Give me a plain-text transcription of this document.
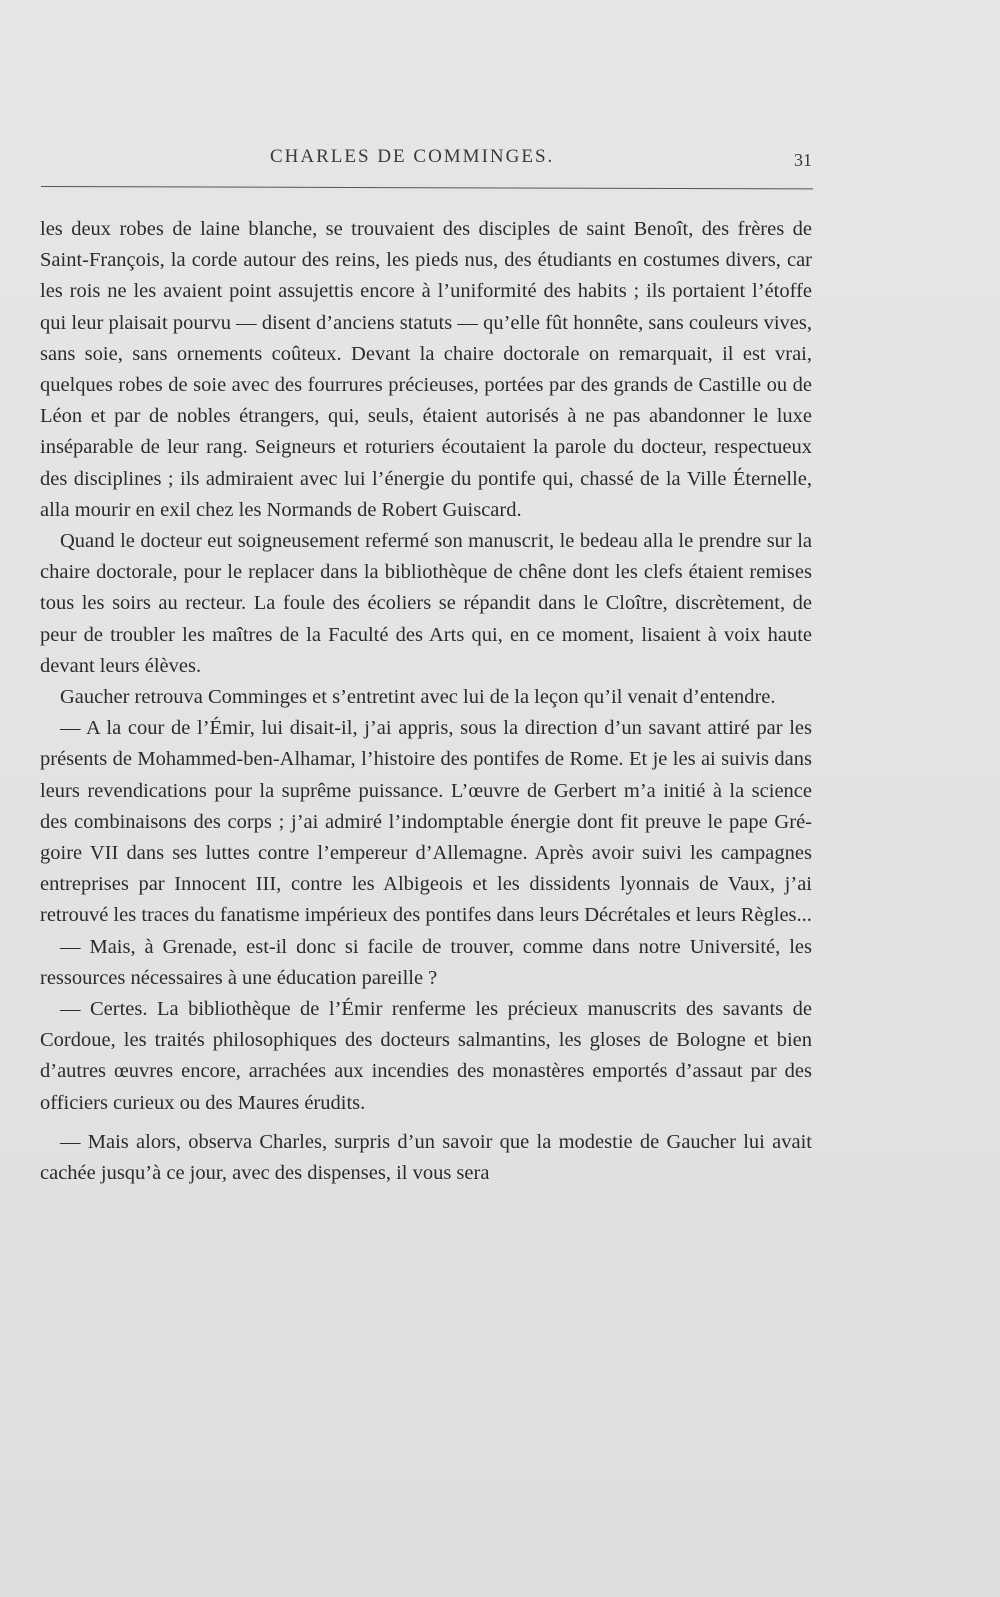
CHARLES DE COMMINGES.	31

les deux robes de laine blanche, se trouvaient des disciples de saint Benoît, des frères de Saint-François, la corde autour des reins, les pieds nus, des étudiants en costumes divers, car les rois ne les avaient point assujettis encore à l’uniformité des habits ; ils portaient l’étoffe qui leur plaisait pourvu — disent d’anciens statuts — qu’elle fût honnête, sans couleurs vives, sans soie, sans ornements coûteux. Devant la chaire doctorale on remarquait, il est vrai, quelques robes de soie avec des fourrures précieuses, portées par des grands de Castille ou de Léon et par de nobles étrangers, qui, seuls, étaient autorisés à ne pas abandonner le luxe inséparable de leur rang. Seigneurs et roturiers écoutaient la parole du docteur, respectueux des disciplines ; ils admiraient avec lui l’énergie du pontife qui, chassé de la Ville Éternelle, alla mourir en exil chez les Normands de Robert Guiscard.

Quand le docteur eut soigneusement refermé son manuscrit, le bedeau alla le prendre sur la chaire doctorale, pour le replacer dans la bibliothèque de chêne dont les clefs étaient remises tous les soirs au recteur. La foule des écoliers se répandit dans le Cloître, discrètement, de peur de troubler les maîtres de la Faculté des Arts qui, en ce moment, lisaient à voix haute devant leurs élèves.

Gaucher retrouva Comminges et s’entretint avec lui de la leçon qu’il venait d’entendre.

— A la cour de l’Émir, lui disait-il, j’ai appris, sous la direction d’un savant attiré par les présents de Mohammed-ben-Alhamar, l’histoire des pontifes de Rome. Et je les ai suivis dans leurs revendications pour la suprême puissance. L’œuvre de Gerbert m’a initié à la science des combinaisons des corps ; j’ai admiré l’indomptable énergie dont fit preuve le pape Grégoire VII dans ses luttes contre l’empereur d’Allemagne. Après avoir suivi les campagnes entreprises par Innocent III, contre les Albigeois et les dissidents lyonnais de Vaux, j’ai retrouvé les traces du fanatisme impérieux des pontifes dans leurs Décrétales et leurs Règles...

— Mais, à Grenade, est-il donc si facile de trouver, comme dans notre Université, les ressources nécessaires à une éducation pareille ?

— Certes. La bibliothèque de l’Émir renferme les précieux manuscrits des savants de Cordoue, les traités philosophiques des docteurs salmantins, les gloses de Bologne et bien d’autres œuvres encore, arrachées aux incendies des monastères emportés d’assaut par des officiers curieux ou des Maures érudits.

— Mais alors, observa Charles, surpris d’un savoir que la modestie de Gaucher lui avait cachée jusqu’à ce jour, avec des dispenses, il vous sera
